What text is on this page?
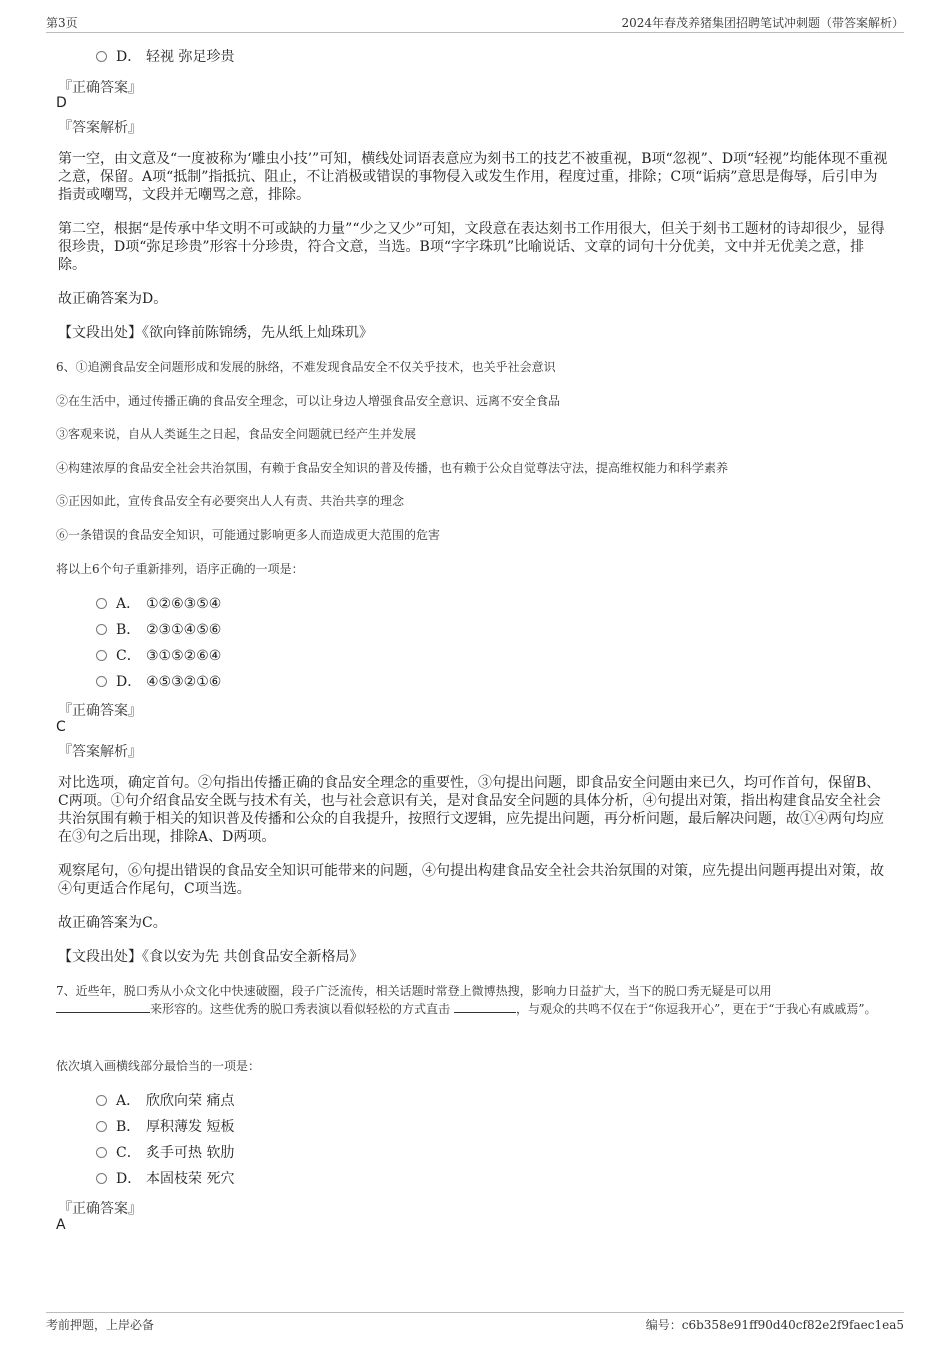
第3页	2024年春茂养猪集团招聘笔试冲刺题（带答案解析）
D． 轻视 弥足珍贵
『正确答案』
D
『答案解析』
第一空，由文意及“一度被称为‘雕虫小技’”可知，横线处词语表意应为刻书工的技艺不被重视，B项“忽视”、D项“轻视”均能体现不重视之意，保留。A项“抵制”指抵抗、阻止，不让消极或错误的事物侵入或发生作用，程度过重，排除；C项“诟病”意思是侮辱，后引申为指责或嘲骂，文段并无嘲骂之意，排除。
第二空，根据“是传承中华文明不可或缺的力量”“少之又少”可知，文段意在表达刻书工作用很大，但关于刻书工题材的诗却很少，显得很珍贵，D项“弥足珍贵”形容十分珍贵，符合文意，当选。B项“字字珠玑”比喻说话、文章的词句十分优美，文中并无优美之意，排除。
故正确答案为D。
【文段出处】《欲向锋前陈锦绣，先从纸上灿珠玑》
6、①追溯食品安全问题形成和发展的脉络，不难发现食品安全不仅关乎技术，也关乎社会意识
②在生活中，通过传播正确的食品安全理念，可以让身边人增强食品安全意识、远离不安全食品
③客观来说，自从人类诞生之日起，食品安全问题就已经产生并发展
④构建浓厚的食品安全社会共治氛围，有赖于食品安全知识的普及传播，也有赖于公众自觉尊法守法，提高维权能力和科学素养
⑤正因如此，宣传食品安全有必要突出人人有责、共治共享的理念
⑥一条错误的食品安全知识，可能通过影响更多人而造成更大范围的危害
将以上6个句子重新排列，语序正确的一项是：
A． ①②⑥③⑤④
B． ②③①④⑤⑥
C． ③①⑤②⑥④
D． ④⑤③②①⑥
『正确答案』
C
『答案解析』
对比选项，确定首句。②句指出传播正确的食品安全理念的重要性，③句提出问题，即食品安全问题由来已久，均可作首句，保留B、C两项。①句介绍食品安全既与技术有关，也与社会意识有关，是对食品安全问题的具体分析，④句提出对策，指出构建食品安全社会共治氛围有赖于相关的知识普及传播和公众的自我提升，按照行文逻辑，应先提出问题，再分析问题，最后解决问题，故①④两句均应在③句之后出现，排除A、D两项。
观察尾句，⑥句提出错误的食品安全知识可能带来的问题，④句提出构建食品安全社会共治氛围的对策，应先提出问题再提出对策，故④句更适合作尾句，C项当选。
故正确答案为C。
【文段出处】《食以安为先 共创食品安全新格局》
7、近些年，脱口秀从小众文化中快速破圈，段子广泛流传，相关话题时常登上微博热搜，影响力日益扩大，当下的脱口秀无疑是可以用
来形容的。这些优秀的脱口秀表演以看似轻松的方式直击	，与观众的共鸣不仅在于“你逗我开心”，更在于“于我心有戚戚焉”。
依次填入画横线部分最恰当的一项是：
A． 欣欣向荣 痛点
B． 厚积薄发 短板
C． 炙手可热 软肋
D． 本固枝荣 死穴
『正确答案』
A
考前押题，上岸必备	编号：c6b358e91ff90d40cf82e2f9faec1ea5
